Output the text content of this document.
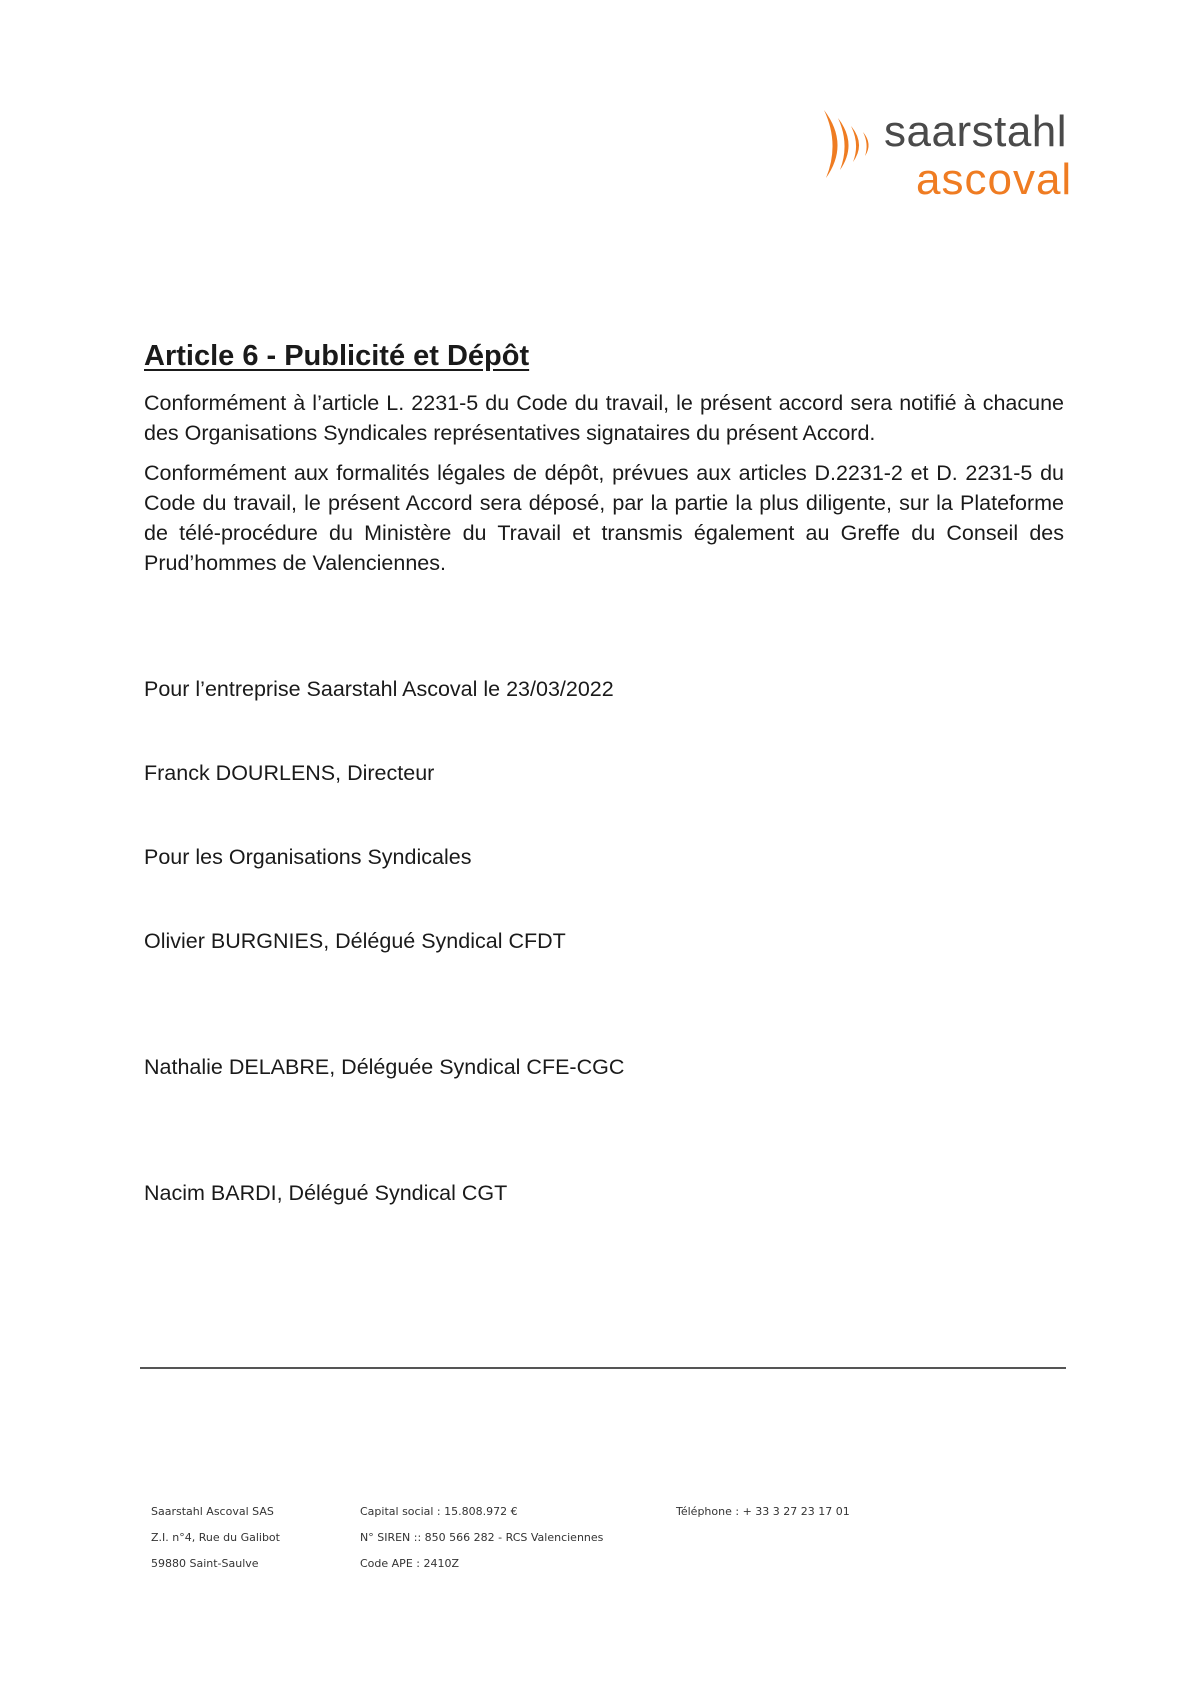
saarstahl
ascoval
Article 6 - Publicité et Dépôt

Conformément à l’article L. 2231-5 du Code du travail, le présent accord sera notifié à chacune des Organisations Syndicales représentatives signataires du présent Accord.

Conformément aux formalités légales de dépôt, prévues aux articles D.2231-2 et D. 2231-5 du Code du travail, le présent Accord sera déposé, par la partie la plus diligente, sur la Plateforme de télé-procédure du Ministère du Travail et transmis également au Greffe du Conseil des Prud’hommes de Valenciennes.

Pour l’entreprise Saarstahl Ascoval le 23/03/2022
Franck DOURLENS, Directeur
Pour les Organisations Syndicales
Olivier BURGNIES, Délégué Syndical CFDT
Nathalie DELABRE, Déléguée Syndical CFE-CGC
Nacim BARDI, Délégué Syndical CGT
Saarstahl Ascoval SAS
Z.I. n°4, Rue du Galibot
59880 Saint-Saulve
Capital social : 15.808.972 €
N° SIREN :: 850 566 282 - RCS Valenciennes
Code APE : 2410Z
Téléphone : + 33 3 27 23 17 01
